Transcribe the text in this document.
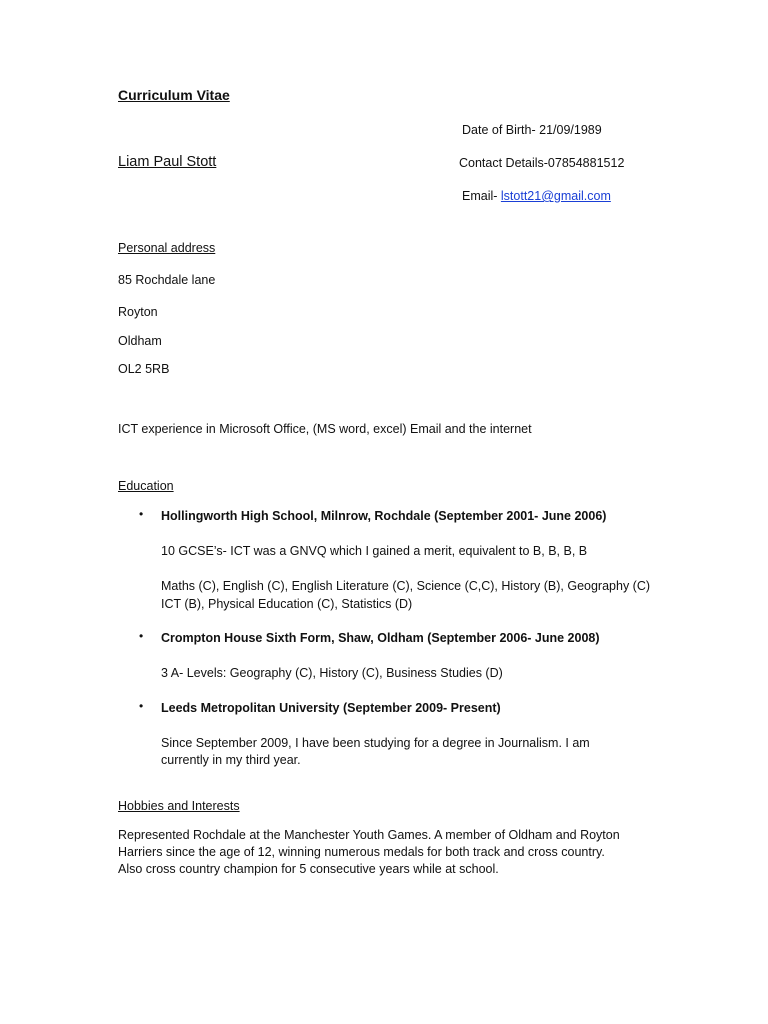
Curriculum Vitae
Date of Birth- 21/09/1989
Liam Paul Stott	Contact Details-07854881512
Email- lstott21@gmail.com
Personal address
85 Rochdale lane
Royton
Oldham
OL2 5RB
ICT experience in Microsoft Office, (MS word, excel) Email and the internet
Education
• Hollingworth High School, Milnrow, Rochdale (September 2001- June 2006)
10 GCSE’s- ICT was a GNVQ which I gained a merit, equivalent to B, B, B, B
Maths (C), English (C), English Literature (C), Science (C,C), History (B), Geography (C)
ICT (B), Physical Education (C), Statistics (D)
• Crompton House Sixth Form, Shaw, Oldham (September 2006- June 2008)
3 A- Levels: Geography (C), History (C), Business Studies (D)
• Leeds Metropolitan University (September 2009- Present)
Since September 2009, I have been studying for a degree in Journalism. I am
currently in my third year.
Hobbies and Interests
Represented Rochdale at the Manchester Youth Games. A member of Oldham and Royton
Harriers since the age of 12, winning numerous medals for both track and cross country.
Also cross country champion for 5 consecutive years while at school.
